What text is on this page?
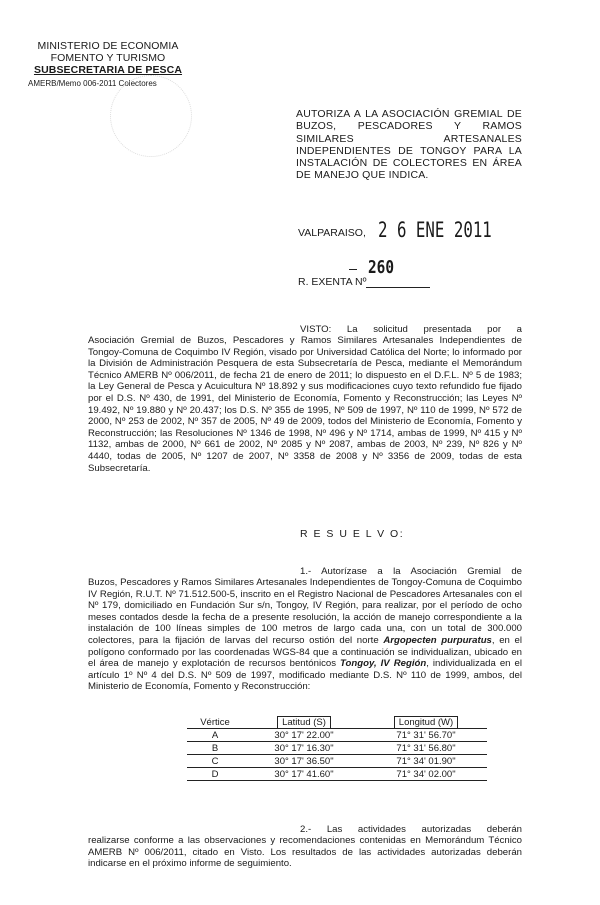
MINISTERIO DE ECONOMIA
FOMENTO Y TURISMO
SUBSECRETARIA DE PESCA
AMERB/Memo 006-2011 Colectores
AUTORIZA A LA ASOCIACIÓN GREMIAL DE BUZOS, PESCADORES Y RAMOS SIMILARES ARTESANALES INDEPENDIENTES DE TONGOY PARA LA INSTALACIÓN DE COLECTORES EN ÁREA DE MANEJO QUE INDICA.
VALPARAISO, 2 6 ENE 2011
260
R. EXENTA Nº
VISTO: La solicitud presentada por a
Asociación Gremial de Buzos, Pescadores y Ramos Similares Artesanales Independientes de Tongoy-Comuna de Coquimbo IV Región, visado por Universidad Católica del Norte; lo informado por la División de Administración Pesquera de esta Subsecretaría de Pesca, mediante el Memorándum Técnico AMERB Nº 006/2011, de fecha 21 de enero de 2011; lo dispuesto en el D.F.L. Nº 5 de 1983; la Ley General de Pesca y Acuicultura Nº 18.892 y sus modificaciones cuyo texto refundido fue fijado por el D.S. Nº 430, de 1991, del Ministerio de Economía, Fomento y Reconstrucción; las Leyes Nº 19.492, Nº 19.880 y Nº 20.437; los D.S. Nº 355 de 1995, Nº 509 de 1997, Nº 110 de 1999, Nº 572 de 2000, Nº 253 de 2002, Nº 357 de 2005, Nº 49 de 2009, todos del Ministerio de Economía, Fomento y Reconstrucción; las Resoluciones Nº 1346 de 1998, Nº 496 y Nº 1714, ambas de 1999, Nº 415 y Nº 1132, ambas de 2000, Nº 661 de 2002, Nº 2085 y Nº 2087, ambas de 2003, Nº 239, Nº 826 y Nº 4440, todas de 2005, Nº 1207 de 2007, Nº 3358 de 2008 y Nº 3356 de 2009, todas de esta Subsecretaría.
R E S U E L V O:
1.- Autorízase a la Asociación Gremial de
Buzos, Pescadores y Ramos Similares Artesanales Independientes de Tongoy-Comuna de Coquimbo IV Región, R.U.T. Nº 71.512.500-5, inscrito en el Registro Nacional de Pescadores Artesanales con el Nº 179, domiciliado en Fundación Sur s/n, Tongoy, IV Región, para realizar, por el período de ocho meses contados desde la fecha de a presente resolución, la acción de manejo correspondiente a la instalación de 100 líneas simples de 100 metros de largo cada una, con un total de 300.000 colectores, para la fijación de larvas del recurso ostión del norte Argopecten purpuratus, en el polígono conformado por las coordenadas WGS-84 que a continuación se individualizan, ubicado en el área de manejo y explotación de recursos bentónicos Tongoy, IV Región, individualizada en el artículo 1º Nº 4 del D.S. Nº 509 de 1997, modificado mediante D.S. Nº 110 de 1999, ambos, del Ministerio de Economía, Fomento y Reconstrucción:
Vértice	Latitud (S)	Longitud (W)
A	30° 17' 22.00"	71° 31' 56.70"
B	30° 17' 16.30"	71° 31' 56.80"
C	30° 17' 36.50"	71° 34' 01.90"
D	30° 17' 41.60"	71° 34' 02.00"
2.- Las actividades autorizadas deberán
realizarse conforme a las observaciones y recomendaciones contenidas en Memorándum Técnico AMERB Nº 006/2011, citado en Visto. Los resultados de las actividades autorizadas deberán indicarse en el próximo informe de seguimiento.
